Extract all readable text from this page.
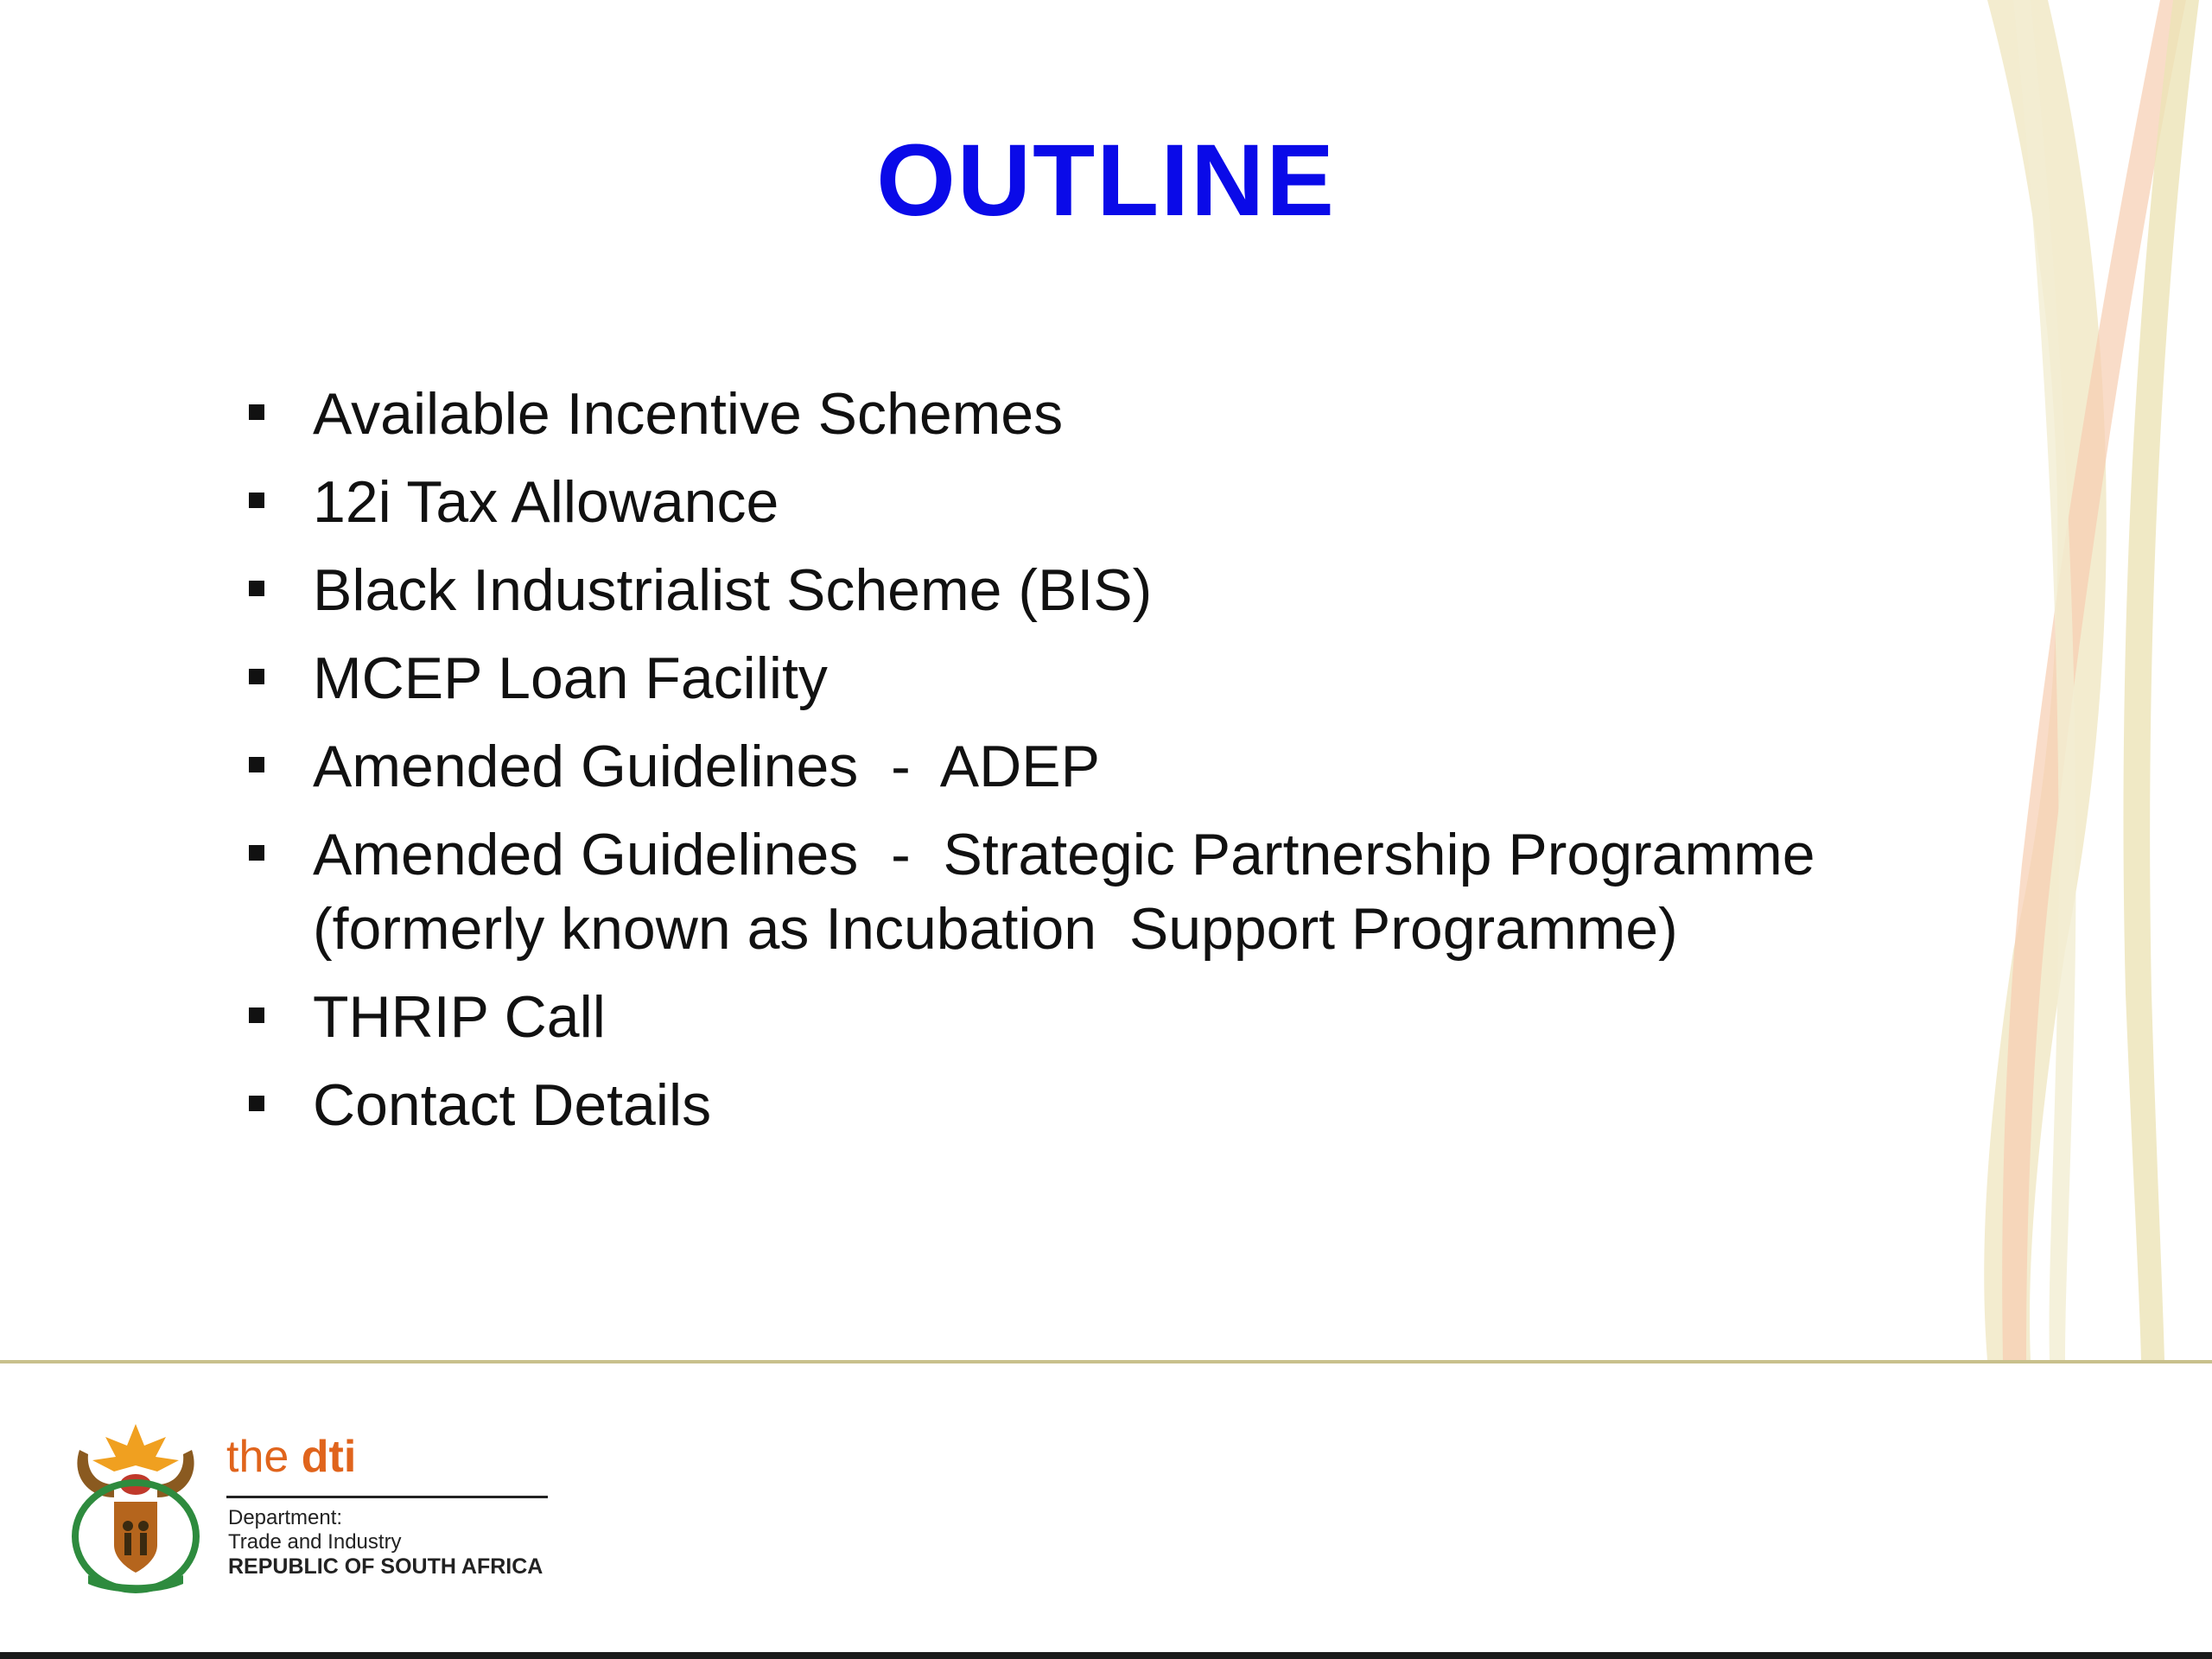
OUTLINE
Available Incentive Schemes
12i Tax Allowance
Black Industrialist Scheme (BIS)
MCEP Loan Facility
Amended Guidelines  -  ADEP
Amended Guidelines  -  Strategic Partnership Programme
(formerly known as Incubation  Support Programme)
THRIP Call
Contact Details
the dti
Department:
Trade and Industry
REPUBLIC OF SOUTH AFRICA
